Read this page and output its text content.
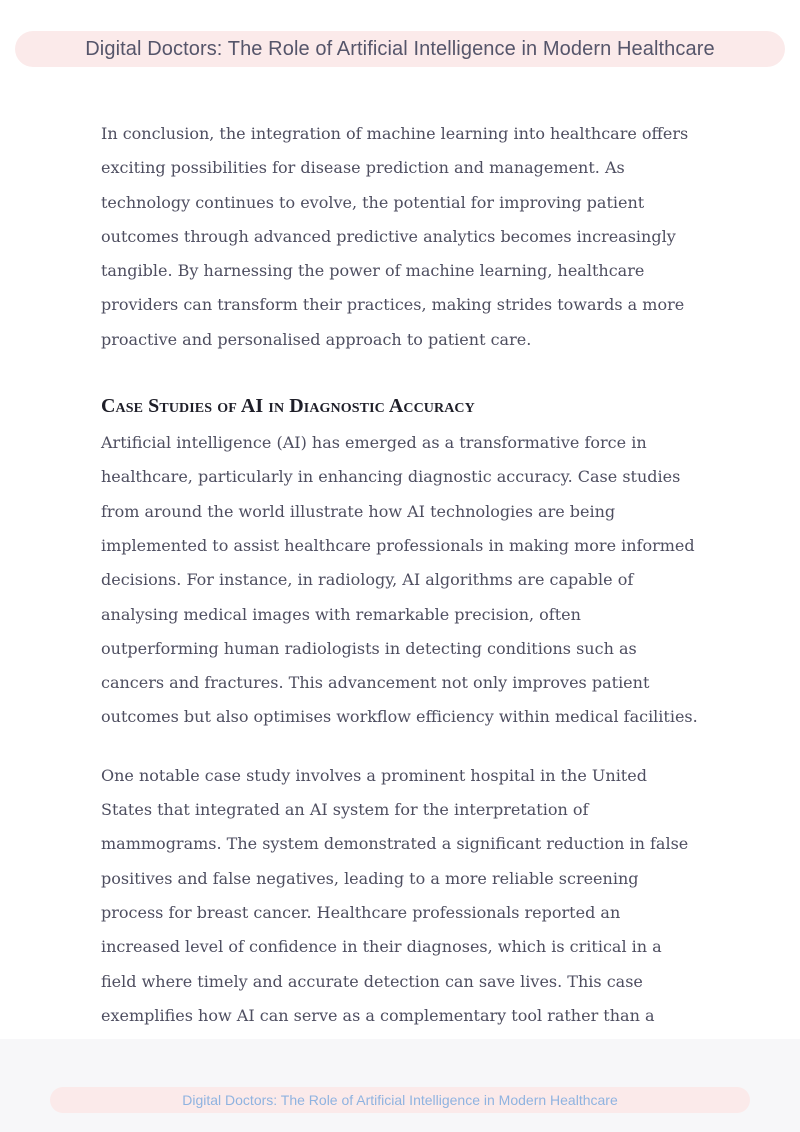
Digital Doctors: The Role of Artificial Intelligence in Modern Healthcare

In conclusion, the integration of machine learning into healthcare offers exciting possibilities for disease prediction and management. As technology continues to evolve, the potential for improving patient outcomes through advanced predictive analytics becomes increasingly tangible. By harnessing the power of machine learning, healthcare providers can transform their practices, making strides towards a more proactive and personalised approach to patient care.

Case Studies of AI in Diagnostic Accuracy

Artificial intelligence (AI) has emerged as a transformative force in healthcare, particularly in enhancing diagnostic accuracy. Case studies from around the world illustrate how AI technologies are being implemented to assist healthcare professionals in making more informed decisions. For instance, in radiology, AI algorithms are capable of analysing medical images with remarkable precision, often outperforming human radiologists in detecting conditions such as cancers and fractures. This advancement not only improves patient outcomes but also optimises workflow efficiency within medical facilities.

One notable case study involves a prominent hospital in the United States that integrated an AI system for the interpretation of mammograms. The system demonstrated a significant reduction in false positives and false negatives, leading to a more reliable screening process for breast cancer. Healthcare professionals reported an increased level of confidence in their diagnoses, which is critical in a field where timely and accurate detection can save lives. This case exemplifies how AI can serve as a complementary tool rather than a

Digital Doctors: The Role of Artificial Intelligence in Modern Healthcare
